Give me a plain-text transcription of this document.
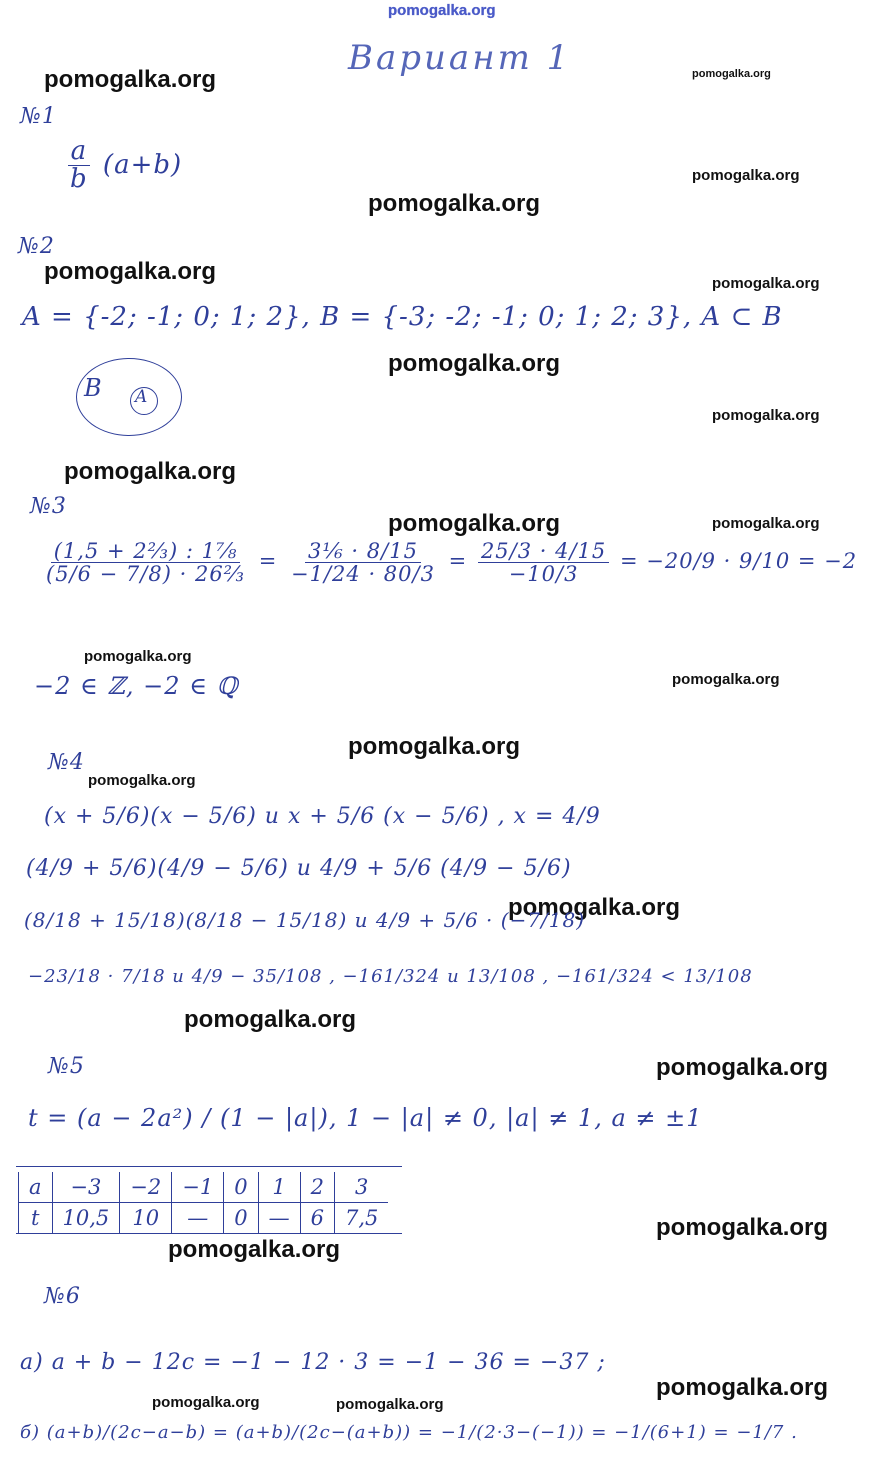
pomogalka.org
Вариант 1
pomogalka.org	pomogalka.org
pomogalka.org
pomogalka.org
pomogalka.org	pomogalka.org
pomogalka.org
pomogalka.org
pomogalka.org
pomogalka.org	pomogalka.org
pomogalka.org
pomogalka.org
pomogalka.org
pomogalka.org
pomogalka.org
pomogalka.org
pomogalka.org
pomogalka.org
pomogalka.org
pomogalka.org
pomogalka.org	pomogalka.org
№1
$\frac{a}{b} (a+b)$
№2
A = {-2; -1; 0; 1; 2}, B = {-3; -2; -1; 0; 1; 2; 3}, A ⊂ B
B A
№3
$\frac{\text{(1,5 + 2⅔) : 1⅞}}{\text{(5/6 − 7/8) · 26⅔}} = \frac{\text{3⅙ · 8/15}}{-1/24 \cdot 80/3} = \frac{25/3 \cdot 4/15}{-10/3} = -20/9 \cdot 9/10 = -2$
−2 ∈ ℤ, −2 ∈ ℚ
№4
(x + 5/6)(x − 5/6) и x + 5/6 (x − 5/6) , x = 4/9
(4/9 + 5/6)(4/9 − 5/6) и 4/9 + 5/6 (4/9 − 5/6)
(8/18 + 15/18)(8/18 − 15/18) и 4/9 + 5/6 · (−7/18)
−23/18 · 7/18 и 4/9 − 35/108 , −161/324 и 13/108 , −161/324 < 13/108
№5
t = (a − 2a²) / (1 − |a|), 1 − |a| ≠ 0, |a| ≠ 1, a ≠ ±1
a	−3	−2	−1	0	1	2	3
t	10,5	10	—	0	—	6	7,5
№6
а) a + b − 12c = −1 − 12 · 3 = −1 − 36 = −37 ;
б) (a+b)/(2c−a−b) = (a+b)/(2c−(a+b)) = −1/(2·3−(−1)) = −1/(6+1) = −1/7 .
